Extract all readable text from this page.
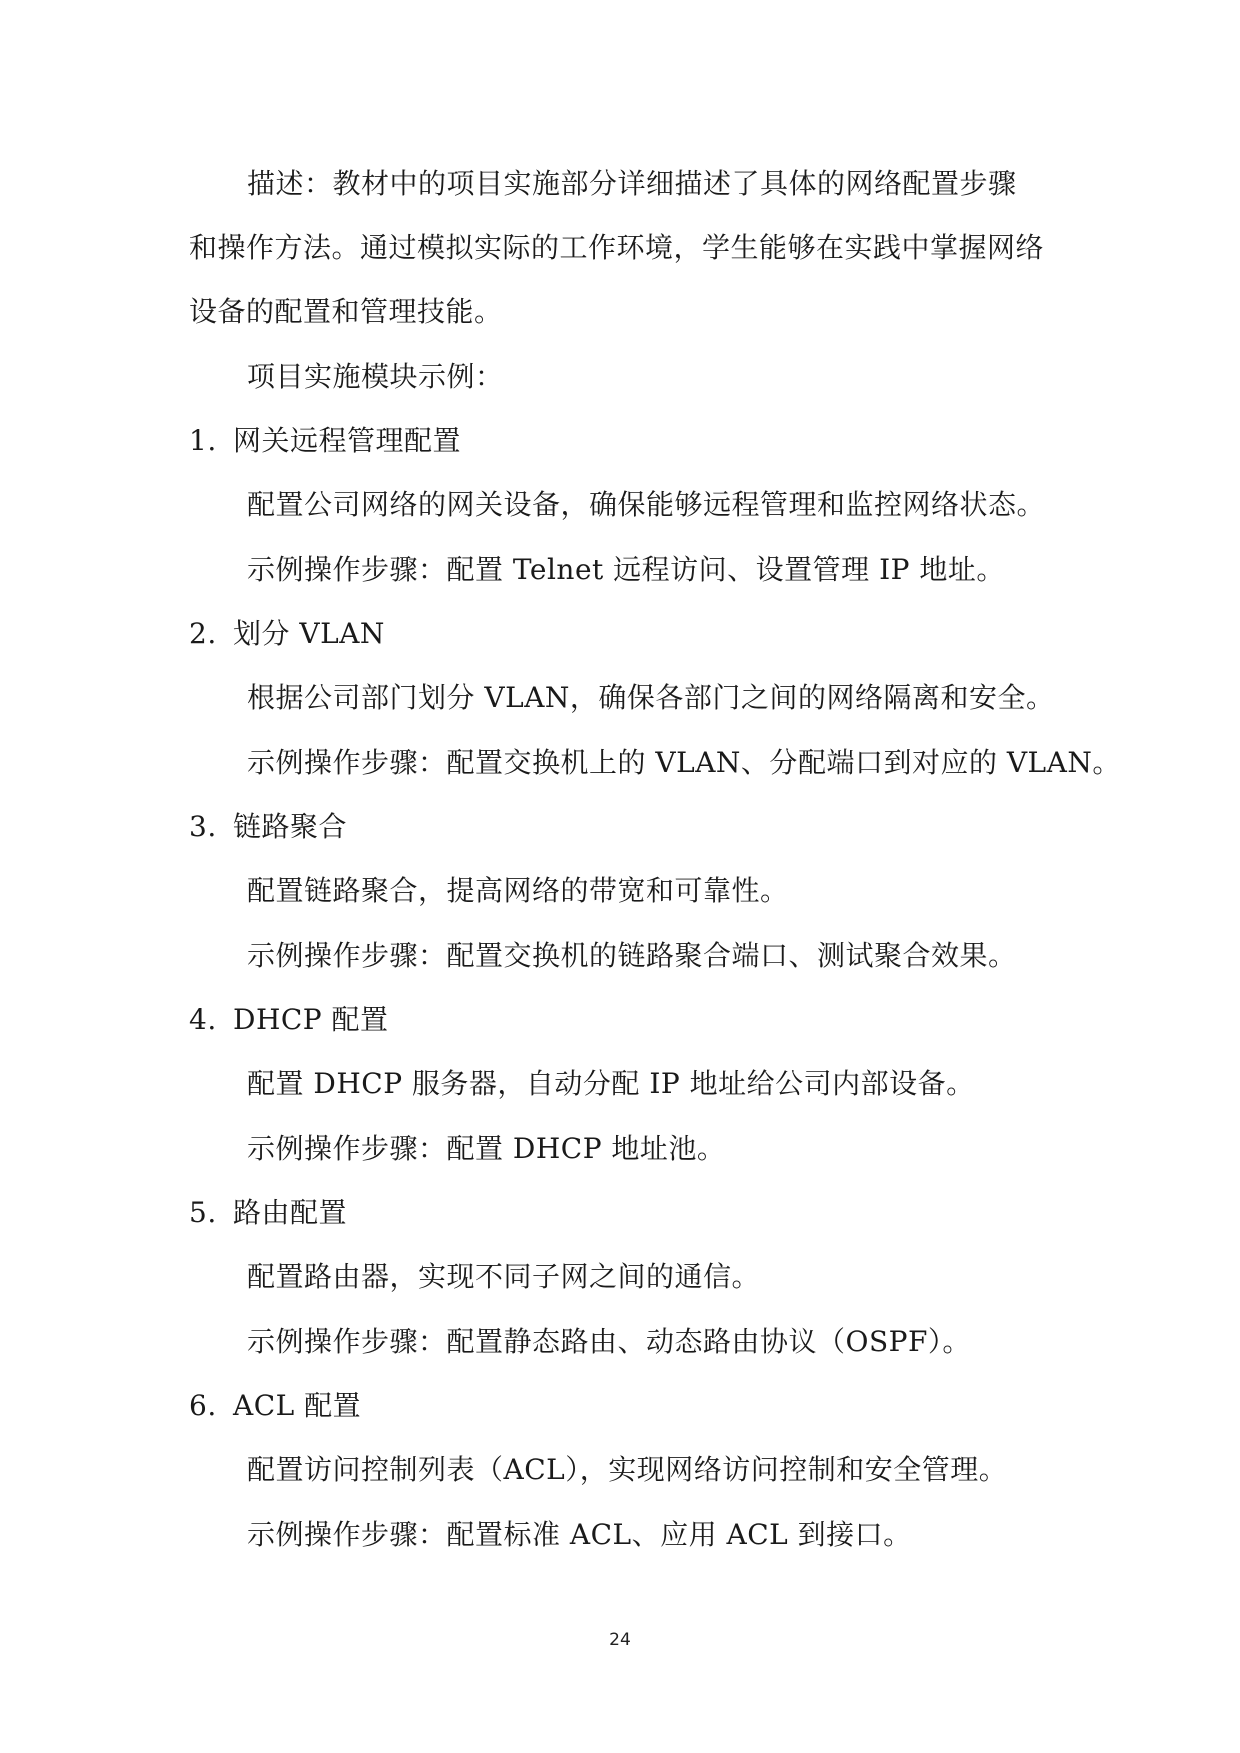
描述：教材中的项目实施部分详细描述了具体的网络配置步骤
和操作方法。通过模拟实际的工作环境，学生能够在实践中掌握网络
设备的配置和管理技能。
项目实施模块示例：
1. 网关远程管理配置
配置公司网络的网关设备，确保能够远程管理和监控网络状态。
示例操作步骤：配置 Telnet 远程访问、设置管理 IP 地址。
2. 划分 VLAN
根据公司部门划分 VLAN，确保各部门之间的网络隔离和安全。
示例操作步骤：配置交换机上的 VLAN、分配端口到对应的 VLAN。
3. 链路聚合
配置链路聚合，提高网络的带宽和可靠性。
示例操作步骤：配置交换机的链路聚合端口、测试聚合效果。
4. DHCP 配置
配置 DHCP 服务器，自动分配 IP 地址给公司内部设备。
示例操作步骤：配置 DHCP 地址池。
5. 路由配置
配置路由器，实现不同子网之间的通信。
示例操作步骤：配置静态路由、动态路由协议（OSPF）。
6. ACL 配置
配置访问控制列表（ACL），实现网络访问控制和安全管理。
示例操作步骤：配置标准 ACL、应用 ACL 到接口。
24
